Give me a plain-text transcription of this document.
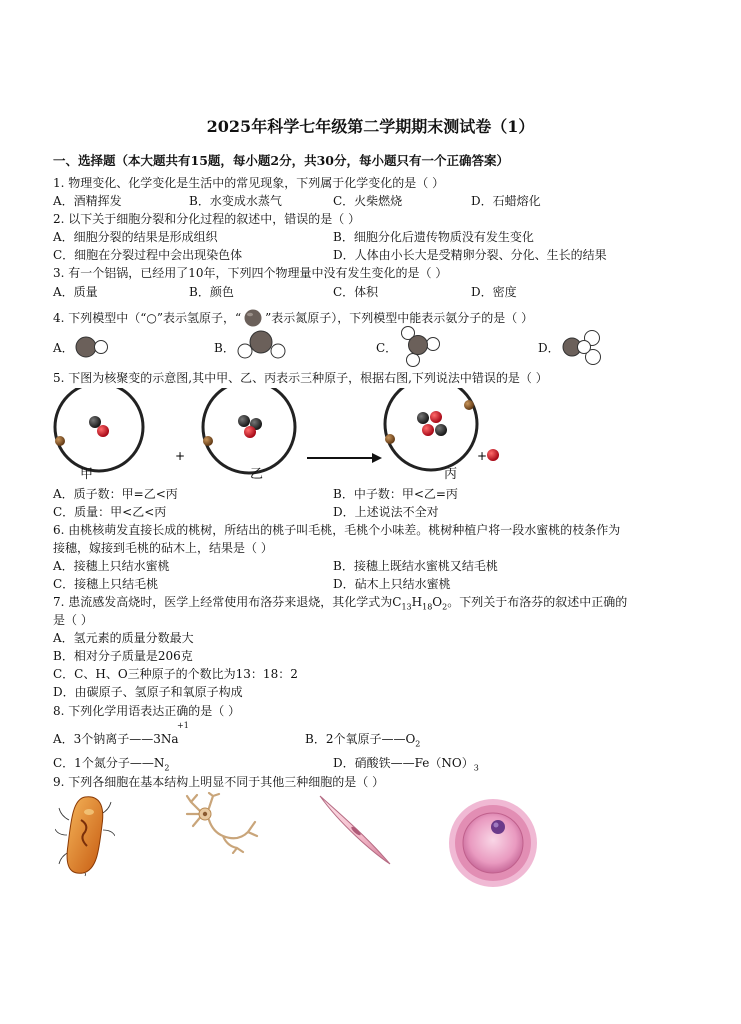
2025年科学七年级第二学期期末测试卷（1）
一、选择题（本大题共有15题，每小题2分，共30分，每小题只有一个正确答案）
1. 物理变化、化学变化是生活中的常见现象，下列属于化学变化的是（ ）
A．酒精挥发	B．水变成水蒸气	C．火柴燃烧	D．石蜡熔化
2. 以下关于细胞分裂和分化过程的叙述中，错误的是（ ）
A．细胞分裂的结果是形成组织	B．细胞分化后遗传物质没有发生变化
C．细胞在分裂过程中会出现染色体	D．人体由小长大是受精卵分裂、分化、生长的结果
3. 有一个铝锅，已经用了10年，下列四个物理量中没有发生变化的是（ ）
A．质量	B．颜色	C．体积	D．密度
4. 下列模型中（“○”表示氢原子，“ ”表示氮原子），下列模型中能表示氨分子的是（ ）
A．	B．	C．	D．
5. 下图为核聚变的示意图,其中甲、乙、丙表示三种原子，根据右图,下列说法中错误的是（ ）
+	+
甲	乙	丙
A．质子数：甲=乙<丙	B．中子数：甲<乙=丙
C．质量：甲<乙<丙	D．上述说法不全对
6. 由桃核萌发直接长成的桃树，所结出的桃子叫毛桃，毛桃个小味差。桃树种植户将一段水蜜桃的枝条作为
接穗，嫁接到毛桃的砧木上，结果是（ ）
A．接穗上只结水蜜桃	B．接穗上既结水蜜桃又结毛桃
C．接穗上只结毛桃	D．砧木上只结水蜜桃
7. 患流感发高烧时，医学上经常使用布洛芬来退烧，其化学式为$C_{13}H_{18}O_2$。下列关于布洛芬的叙述中正确的
是（ ）
A．氢元素的质量分数最大
B．相对分子质量是206克
C．C、H、O三种原子的个数比为13：18：2
D．由碳原子、氢原子和氧原子构成
8. 下列化学用语表达正确的是（ ）
+1
A．3个钠离子——3Na	B．2个氧原子$——O_2$
C．1个氮分子$——N_2$	D．硝酸铁$——Fe(NO)_3$
9. 下列各细胞在基本结构上明显不同于其他三种细胞的是（ ）
